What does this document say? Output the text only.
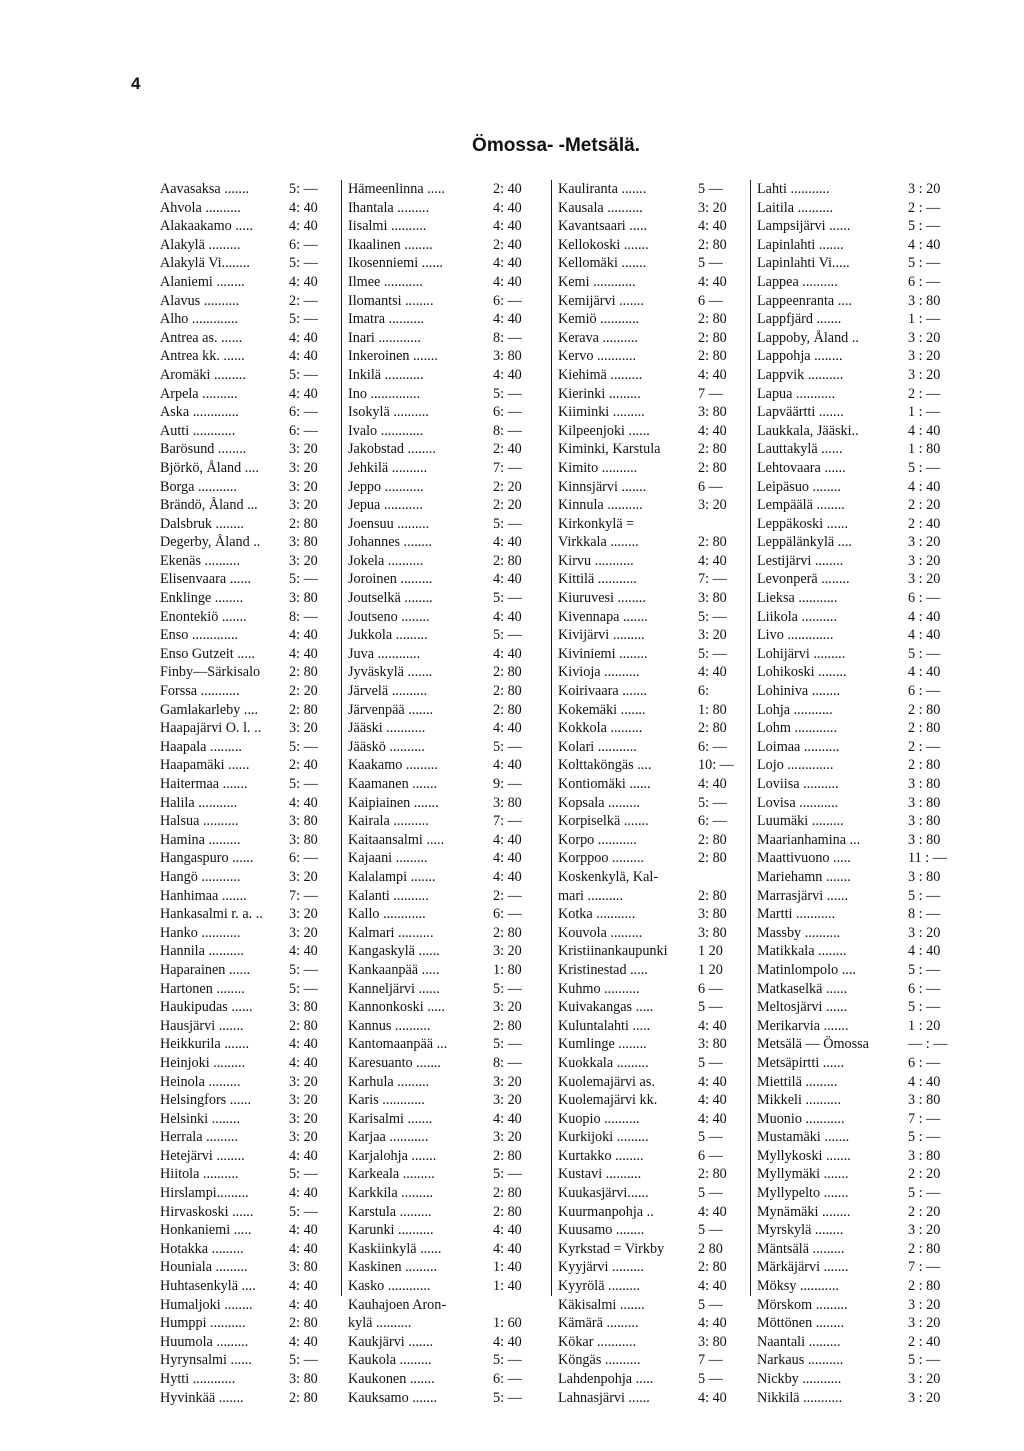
4
Ömossa- -Metsälä.
Aavasaksa .......	5: —
Ahvola ..........	4: 40
Alakaakamo .....	4: 40
Alakylä .........	6: —
Alakylä Vi........	5: —
Alaniemi ........	4: 40
Alavus ..........	2: —
Alho .............	5: —
Antrea as. ......	4: 40
Antrea kk. ......	4: 40
Aromäki .........	5: —
Arpela ..........	4: 40
Aska .............	6: —
Autti ............	6: —
Barösund ........	3: 20
Björkö, Åland .... 3: 20
Borga ...........	3: 20
Brändö, Åland ... 3: 20
Dalsbruk ........	2: 80
Degerby, Åland .. 3: 80
Ekenäs ..........	3: 20
Elisenvaara ......	5: —
Enklinge ........	3: 80
Enontekiö .......	8: —
Enso .............	4: 40
Enso Gutzeit ..... 4: 40
Finby—Särkisalo 2: 80
Forssa ...........	2: 20
Gamlakarleby .... 2: 80
Haapajärvi O. l. .. 3: 20
Haapala .........	5: —
Haapamäki ......	2: 40
Haitermaa .......	5: —
Halila ...........	4: 40
Halsua ..........	3: 80
Hamina .........	3: 80
Hangaspuro ......	6: —
Hangö ...........	3: 20
Hanhimaa .......	7: —
Hankasalmi r. a. .. 3: 20
Hanko ...........	3: 20
Hannila ..........	4: 40
Haparainen ......	5: —
Hartonen ........	5: —
Haukipudas ......	3: 80
Hausjärvi .......	2: 80
Heikkurila .......	4: 40
Heinjoki .........	4: 40
Heinola .........	3: 20
Helsingfors ......	3: 20
Helsinki ........	3: 20
Herrala .........	3: 20
Hetejärvi ........	4: 40
Hiitola ..........	5: —
Hirslampi.........	4: 40
Hirvaskoski ......	5: —
Honkaniemi .....	4: 40
Hotakka .........	4: 40
Houniala .........	3: 80
Huhtasenkylä .... 4: 40
Humaljoki ........	4: 40
Humppi ..........	2: 80
Huumola .........	4: 40
Hyrynsalmi ......	5: —
Hytti ............	3: 80
Hyvinkää .......	2: 80
Hämeenlinna .....	2: 40
Ihantala .........	4: 40
Iisalmi ..........	4: 40
Ikaalinen ........	2: 40
Ikosenniemi ......	4: 40
Ilmee ...........	4: 40
Ilomantsi ........	6: —
Imatra ..........	4: 40
Inari ............	8: —
Inkeroinen .......	3: 80
Inkilä ...........	4: 40
Ino ..............	5: —
Isokylä ..........	6: —
Ivalo ............	8: —
Jakobstad ........	2: 40
Jehkilä ..........	7: —
Jeppo ...........	2: 20
Jepua ...........	2: 20
Joensuu .........	5: —
Johannes ........	4: 40
Jokela ..........	2: 80
Joroinen .........	4: 40
Joutselkä ........	5: —
Joutseno ........	4: 40
Jukkola .........	5: —
Juva ............	4: 40
Jyväskylä .......	2: 80
Järvelä ..........	2: 80
Järvenpää .......	2: 80
Jääski ...........	4: 40
Jääskö ..........	5: —
Kaakamo .........	4: 40
Kaamanen .......	9: —
Kaipiainen .......	3: 80
Kairala ..........	7: —
Kaitaansalmi .....	4: 40
Kajaani .........	4: 40
Kalalampi .......	4: 40
Kalanti ..........	2: —
Kallo ............	6: —
Kalmari ..........	2: 80
Kangaskylä ......	3: 20
Kankaanpää .....	1: 80
Kanneljärvi ......	5: —
Kannonkoski .....	3: 20
Kannus ..........	2: 80
Kantomaanpää ...	5: —
Karesuanto .......	8: —
Karhula .........	3: 20
Karis ............	3: 20
Karisalmi .......	4: 40
Karjaa ...........	3: 20
Karjalohja .......	2: 80
Karkeala .........	5: —
Karkkila .........	2: 80
Karstula .........	2: 80
Karunki ..........	4: 40
Kaskiinkylä ......	4: 40
Kaskinen .........	1: 40
Kasko ............	1: 40
Kauhajoen Aron-
kylä ..........	1: 60
Kaukjärvi .......	4: 40
Kaukola .........	5: —
Kaukonen .......	6: —
Kauksamo .......	5: —
Kauliranta .......	5 —
Kausala ..........	3: 20
Kavantsaari .....	4: 40
Kellokoski .......	2: 80
Kellomäki .......	5 —
Kemi ............	4: 40
Kemijärvi .......	6 —
Kemiö ...........	2: 80
Kerava ..........	2: 80
Kervo ...........	2: 80
Kiehimä .........	4: 40
Kierinki .........	7 —
Kiiminki .........	3: 80
Kilpeenjoki ......	4: 40
Kiminki, Karstula	2: 80
Kimito ..........	2: 80
Kinnsjärvi .......	6 —
Kinnula ..........	3: 20
Kirkonkylä =
Virkkala ........	2: 80
Kirvu ...........	4: 40
Kittilä ...........	7: —
Kiuruvesi ........	3: 80
Kivennapa .......	5: —
Kivijärvi .........	3: 20
Kiviniemi ........	5: —
Kivioja ..........	4: 40
Koirivaara .......	6:
Kokemäki .......	1: 80
Kokkola .........	2: 80
Kolari ...........	6: —
Kolttaköngäs ....	10: —
Kontiomäki ......	4: 40
Kopsala .........	5: —
Korpiselkä .......	6: —
Korpo ...........	2: 80
Korppoo .........	2: 80
Koskenkylä, Kal-
mari ..........	2: 80
Kotka ...........	3: 80
Kouvola .........	3: 80
Kristiinankaupunki 1 20
Kristinestad .....	1 20
Kuhmo ..........	6 —
Kuivakangas .....	5 —
Kuluntalahti .....	4: 40
Kumlinge ........	3: 80
Kuokkala .........	5 —
Kuolemajärvi as.	4: 40
Kuolemajärvi kk.	4: 40
Kuopio ..........	4: 40
Kurkijoki .........	5 —
Kurtakko ........	6 —
Kustavi ..........	2: 80
Kuukasjärvi......	5 —
Kuurmanpohja ..	4: 40
Kuusamo ........	5 —
Kyrkstad = Virkby 2 80
Kyyjärvi .........	2: 80
Kyyrölä .........	4: 40
Käkisalmi .......	5 —
Kämärä .........	4: 40
Kökar ...........	3: 80
Köngäs ..........	7 —
Lahdenpohja .....	5 —
Lahnasjärvi ......	4: 40
Lahti ...........	3 : 20
Laitila ..........	2 : —
Lampsijärvi ......	5 : —
Lapinlahti .......	4 : 40
Lapinlahti Vi.....	5 : —
Lappea ..........	6 : —
Lappeenranta ....	3 : 80
Lappfjärd .......	1 : —
Lappoby, Åland ..	3 : 20
Lappohja ........	3 : 20
Lappvik ..........	3 : 20
Lapua ...........	2 : —
Lapväärtti .......	1 : —
Laukkala, Jääski..	4 : 40
Lauttakylä ......	1 : 80
Lehtovaara ......	5 : —
Leipäsuo ........	4 : 40
Lempäälä ........	2 : 20
Leppäkoski ......	2 : 40
Leppälänkylä ....	3 : 20
Lestijärvi ........	3 : 20
Levonperä ........	3 : 20
Lieksa ...........	6 : —
Liikola ..........	4 : 40
Livo .............	4 : 40
Lohijärvi .........	5 : —
Lohikoski ........	4 : 40
Lohiniva ........	6 : —
Lohja ...........	2 : 80
Lohm ............	2 : 80
Loimaa ..........	2 : —
Lojo .............	2 : 80
Loviisa ..........	3 : 80
Lovisa ...........	3 : 80
Luumäki .........	3 : 80
Maarianhamina ...	3 : 80
Maattivuono .....	11 : —
Mariehamn .......	3 : 80
Marrasjärvi ......	5 : —
Martti ...........	8 : —
Massby ..........	3 : 20
Matikkala ........	4 : 40
Matinlompolo ....	5 : —
Matkaselkä ......	6 : —
Meltosjärvi ......	5 : —
Merikarvia .......	1 : 20
Metsälä — Ömossa	— : —
Metsäpirtti ......	6 : —
Miettilä .........	4 : 40
Mikkeli ..........	3 : 80
Muonio ...........	7 : —
Mustamäki .......	5 : —
Myllykoski .......	3 : 80
Myllymäki .......	2 : 20
Myllypelto .......	5 : —
Mynämäki ........	2 : 20
Myrskylä ........	3 : 20
Mäntsälä .........	2 : 80
Märkäjärvi .......	7 : —
Möksy ...........	2 : 80
Mörskom .........	3 : 20
Möttönen ........	3 : 20
Naantali .........	2 : 40
Narkaus ..........	5 : —
Nickby ...........	3 : 20
Nikkilä ...........	3 : 20
